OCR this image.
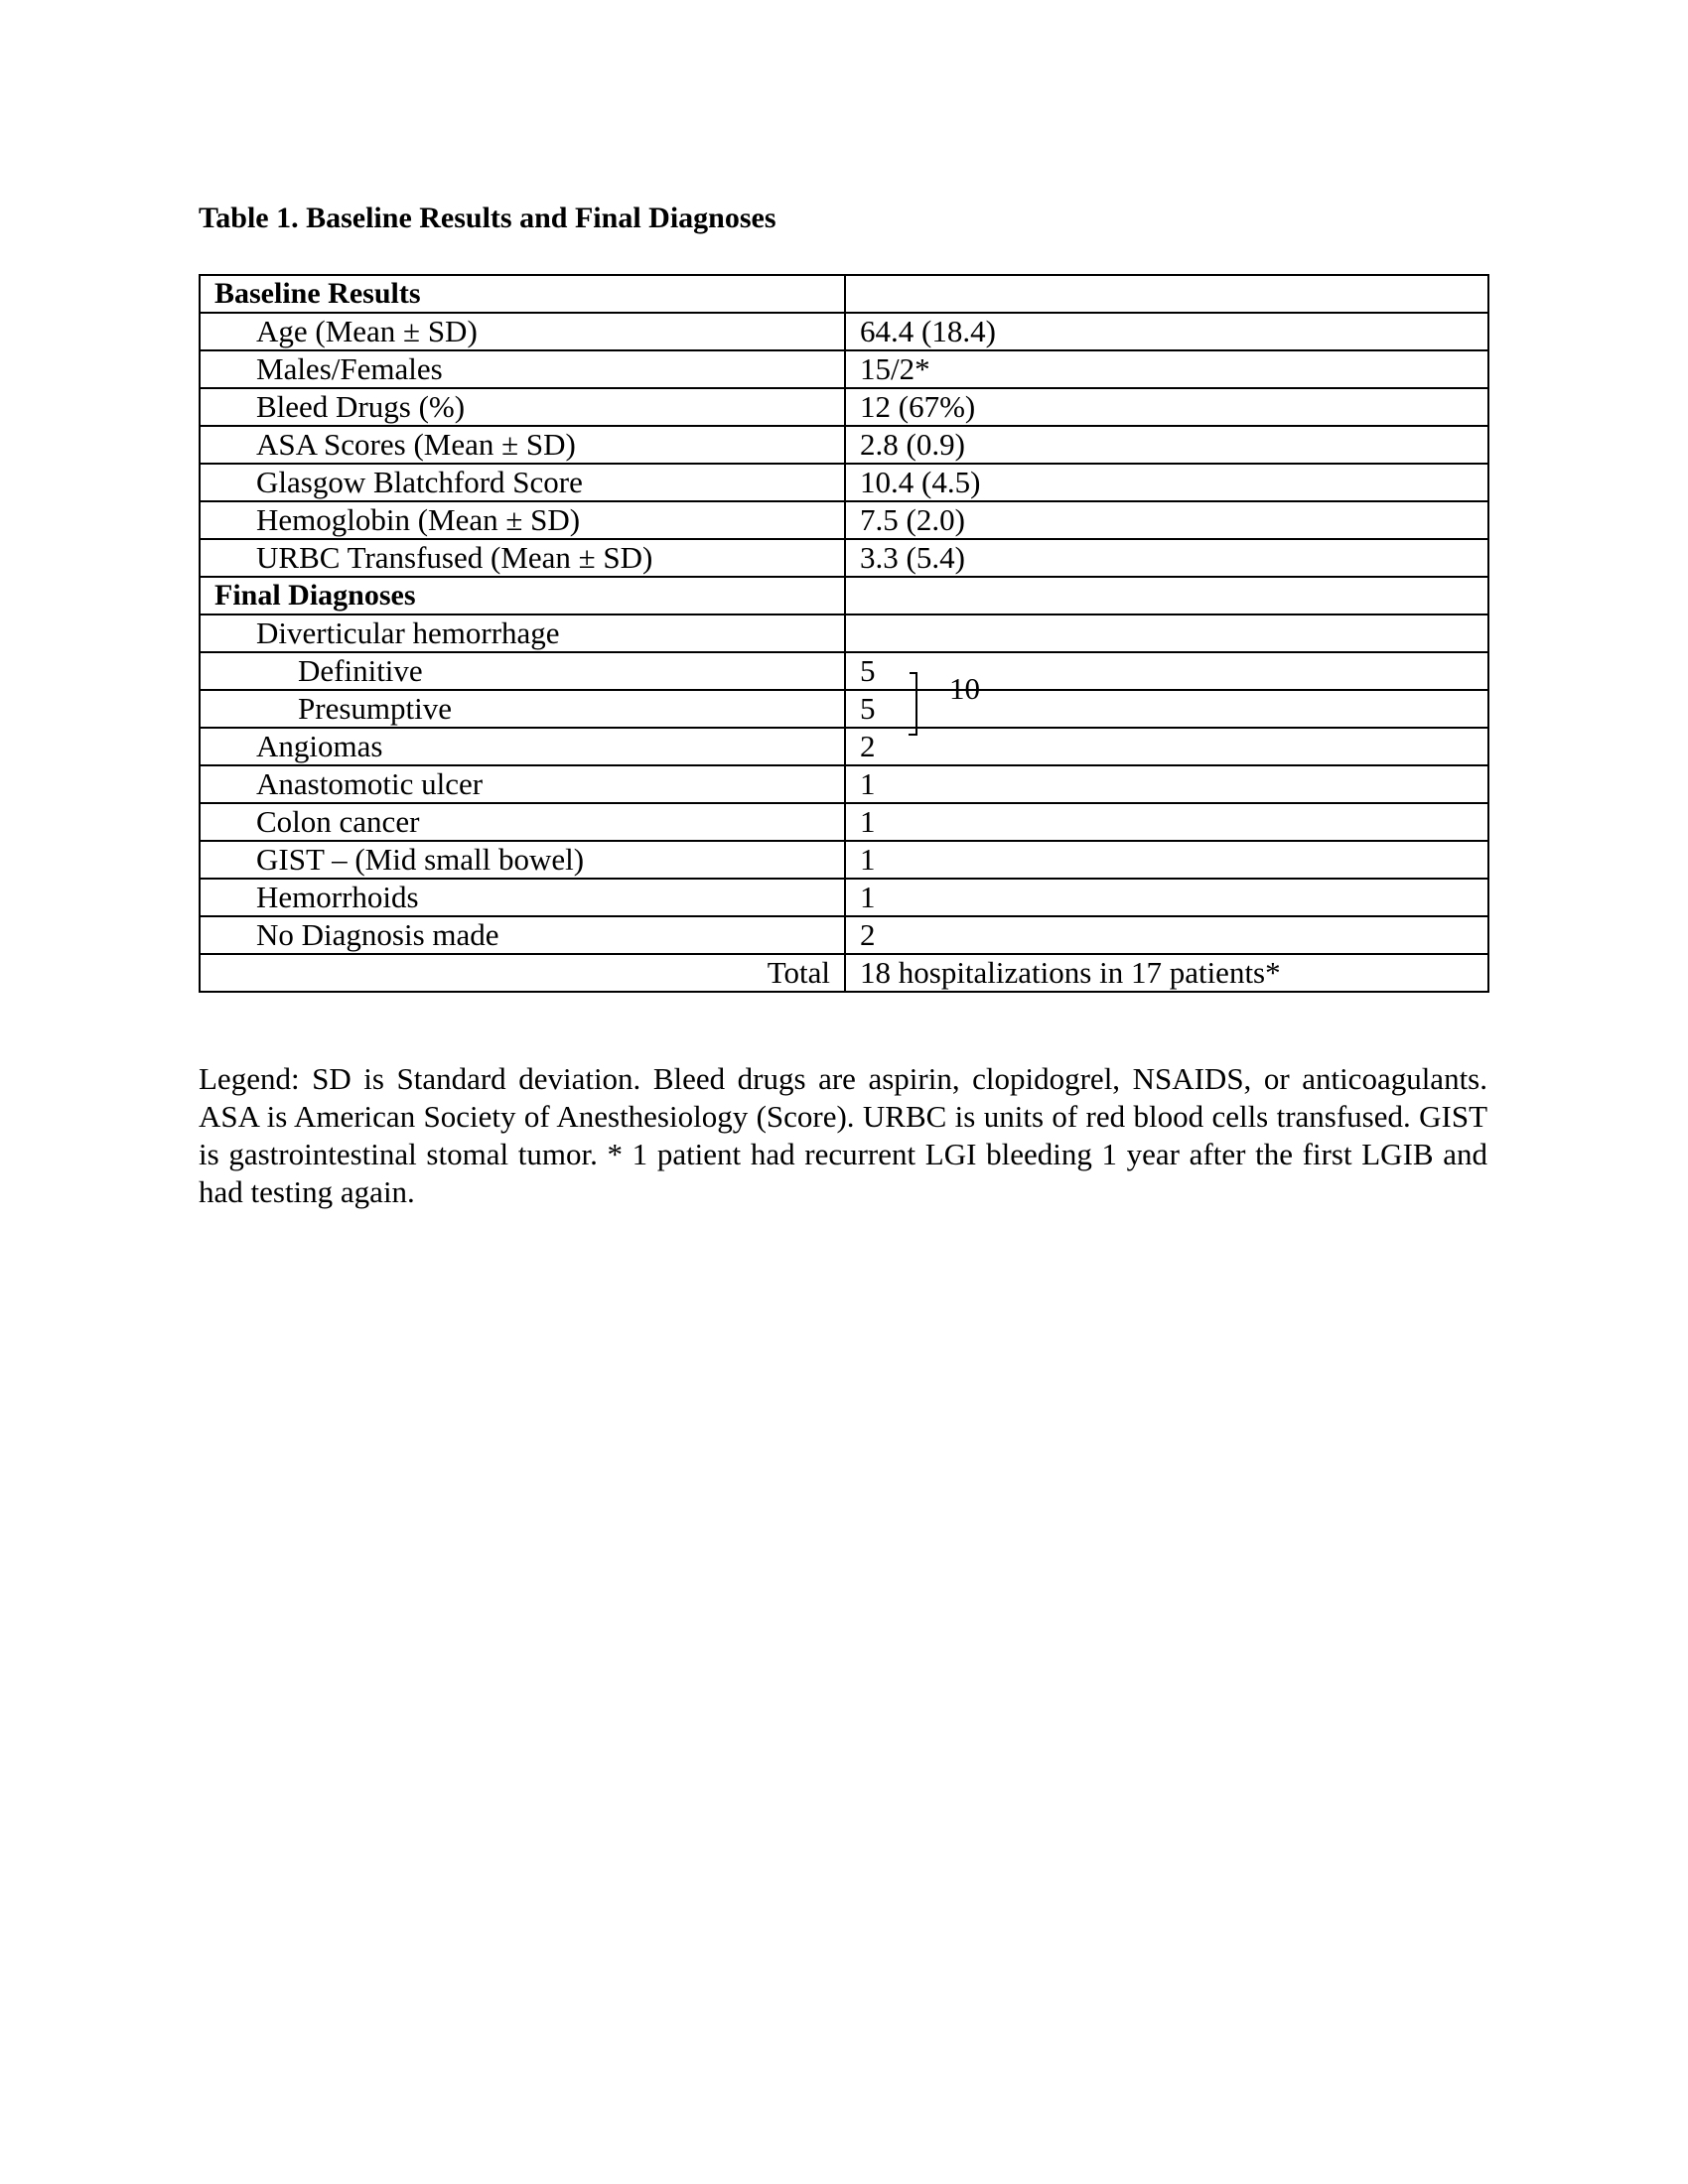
Table 1. Baseline Results and Final Diagnoses
Baseline Results	
Age (Mean ± SD)	64.4 (18.4)
Males/Females	15/2*
Bleed Drugs (%)	12 (67%)
ASA Scores (Mean ± SD)	2.8 (0.9)
Glasgow Blatchford Score	10.4 (4.5)
Hemoglobin (Mean ± SD)	7.5 (2.0)
URBC Transfused (Mean ± SD)	3.3 (5.4)
Final Diagnoses	
Diverticular hemorrhage	
Definitive	5
Presumptive	5
Angiomas	2
Anastomotic ulcer	1
Colon cancer	1
GIST – (Mid small bowel)	1
Hemorrhoids	1
No Diagnosis made	2
Total	18 hospitalizations in 17 patients*
10
Legend: SD is Standard deviation. Bleed drugs are aspirin, clopidogrel, NSAIDS, or anticoagulants. ASA is American Society of Anesthesiology (Score). URBC is units of red blood cells transfused. GIST is gastrointestinal stomal tumor. * 1 patient had recurrent LGI bleeding 1 year after the first LGIB and had testing again.
